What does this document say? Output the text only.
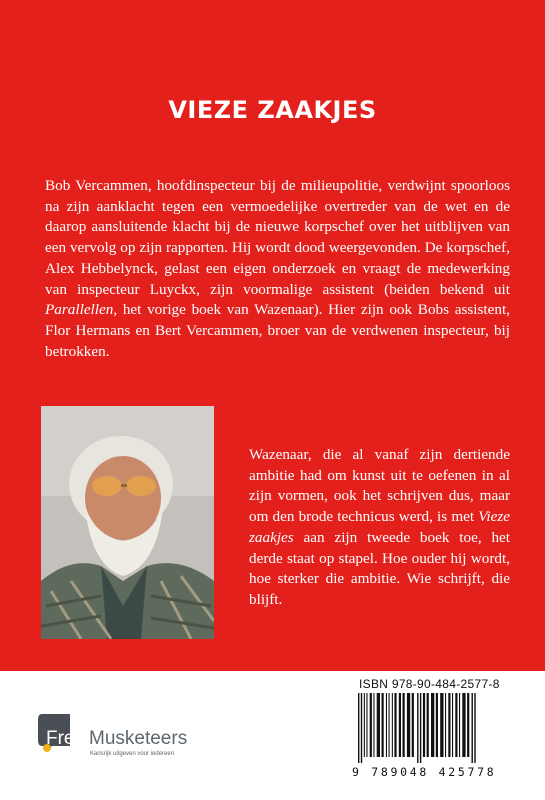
VIEZE ZAAKJES
Bob Vercammen, hoofdinspecteur bij de milieupolitie, verdwijnt spoorloos na zijn aanklacht tegen een vermoedelijke overtreder van de wet en de daarop aansluitende klacht bij de nieuwe korpschef over het uitblijven van een vervolg op zijn rapporten. Hij wordt dood weergevonden. De korpschef, Alex Hebbelynck, gelast een eigen onderzoek en vraagt de medewerking van inspecteur Luyckx, zijn voormalige assistent (beiden bekend uit Parallellen, het vorige boek van Wazenaar). Hier zijn ook Bobs assistent, Flor Hermans en Bert Vercammen, broer van de verdwenen inspecteur, bij betrokken.
Wazenaar, die al vanaf zijn dertiende ambitie had om kunst uit te oefenen in al zijn vormen, ook het schrijven dus, maar om den brode technicus werd, is met Vieze zaakjes aan zijn tweede boek toe, het derde staat op stapel. Hoe ouder hij wordt, hoe sterker die ambitie. Wie schrijft, die blijft.
ISBN 978-90-484-2577-8
9 789048 425778
Free Musketeers
Kansrijk uitgeven voor iedereen
